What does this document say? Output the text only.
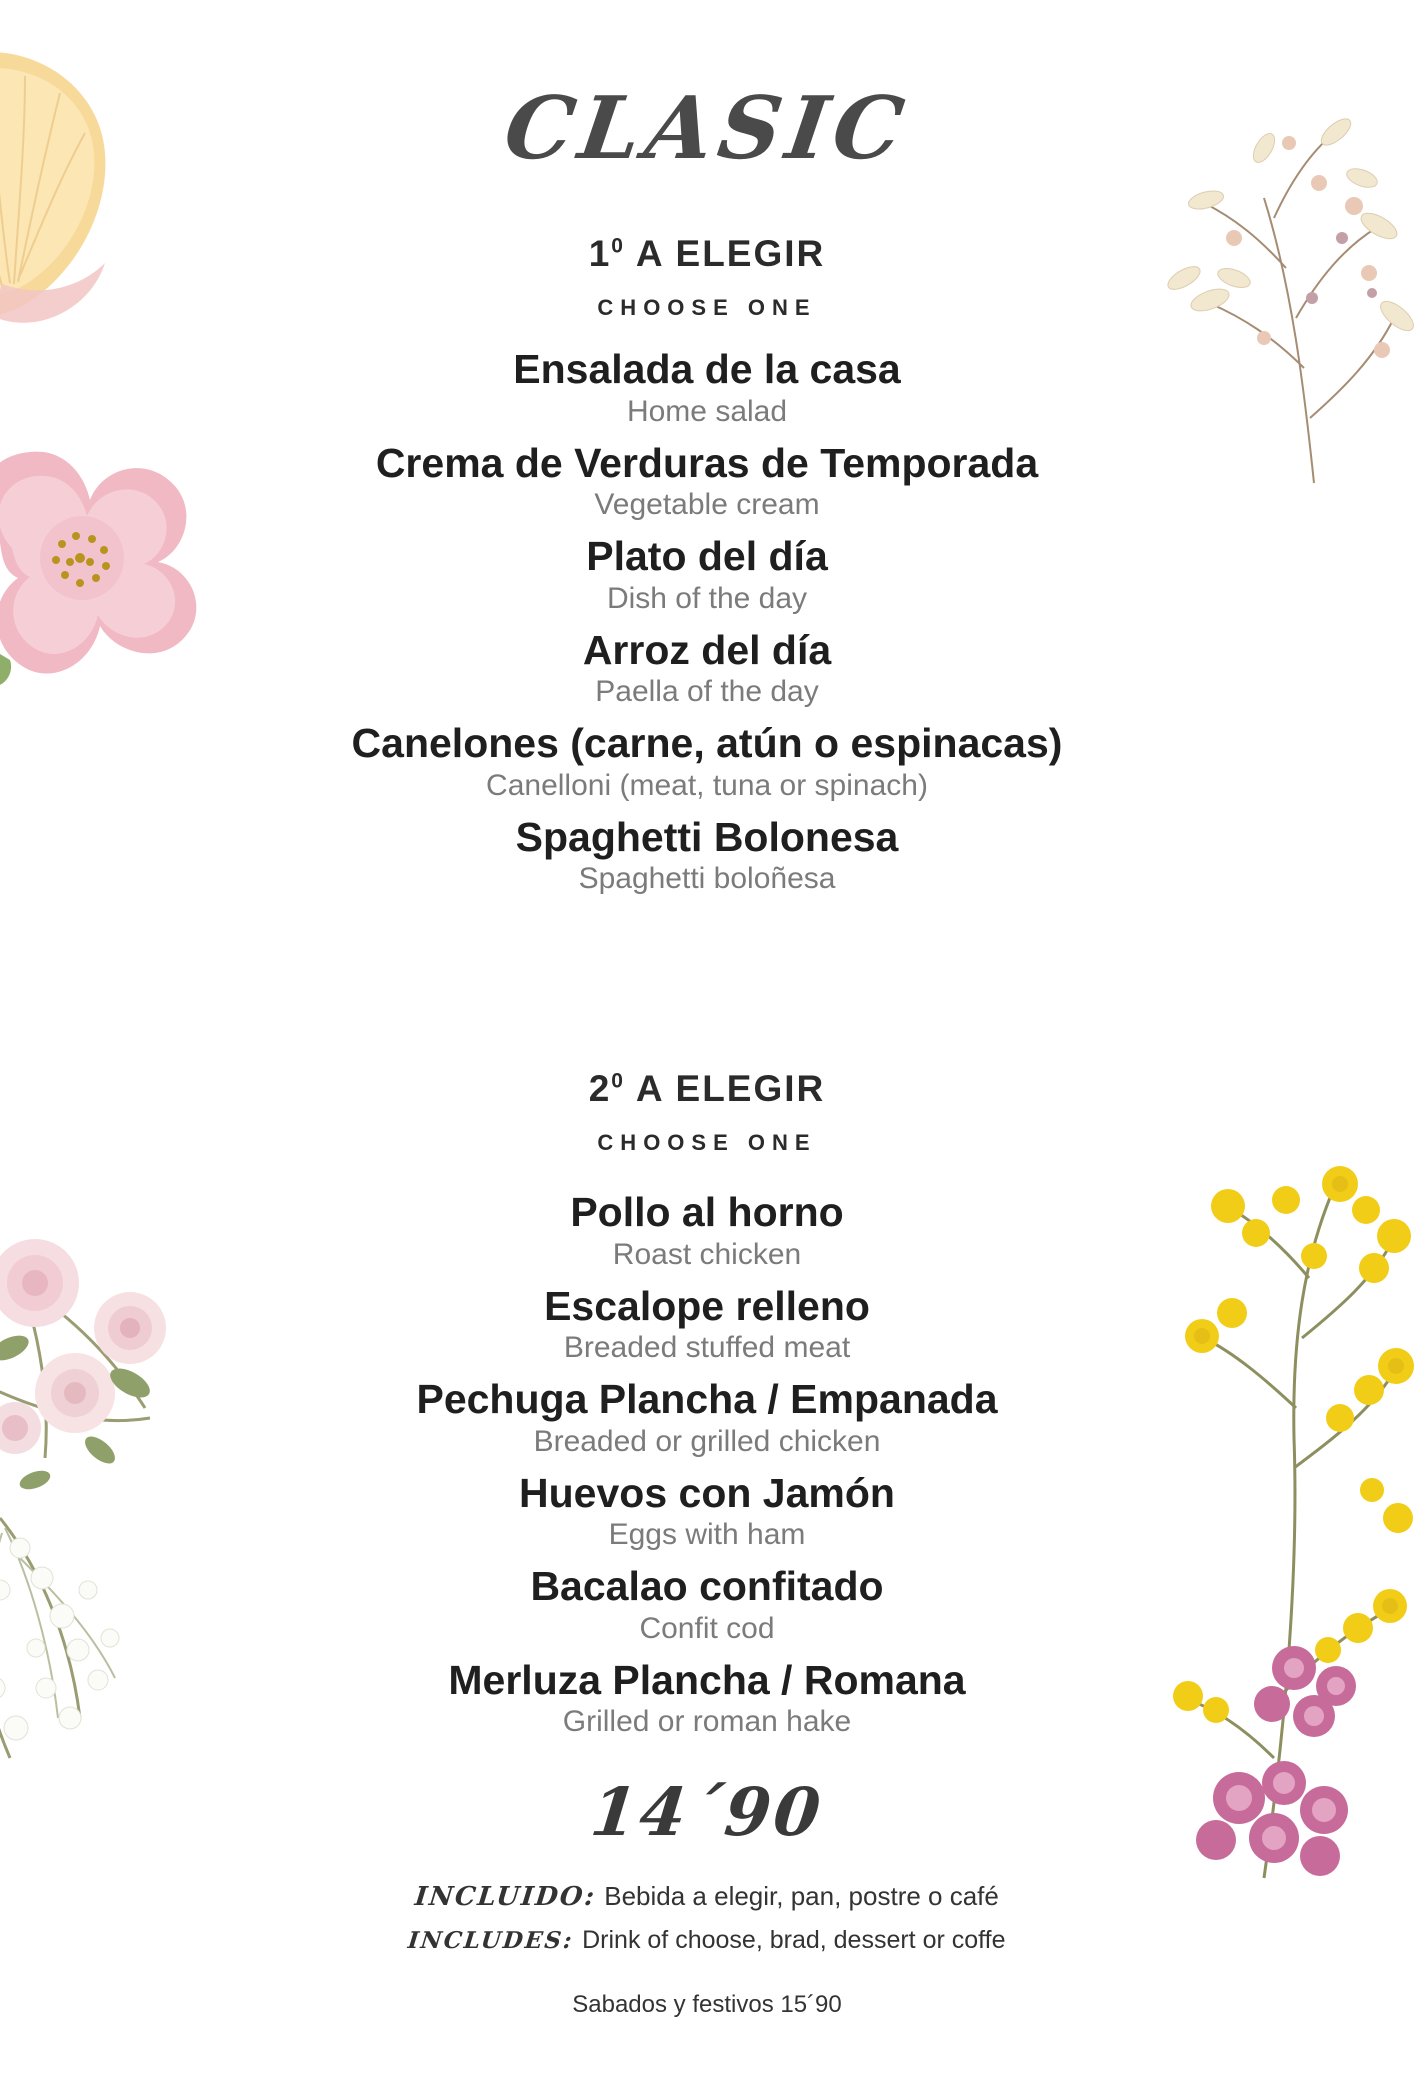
CLASIC
$1^0$ A ELEGIR
CHOOSE ONE
Ensalada de la casa
Home salad
Crema de Verduras de Temporada
Vegetable cream
Plato del día
Dish of the day
Arroz del día
Paella of the day
Canelones (carne, atún o espinacas)
Canelloni (meat, tuna or spinach)
Spaghetti Bolonesa
Spaghetti boloñesa
$2^0$ A ELEGIR
CHOOSE ONE
Pollo al horno
Roast chicken
Escalope relleno
Breaded stuffed meat
Pechuga Plancha / Empanada
Breaded or grilled chicken
Huevos con Jamón
Eggs with ham
Bacalao confitado
Confit cod
Merluza Plancha / Romana
Grilled or roman hake
14´90
INCLUIDO: Bebida a elegir, pan, postre o café
INCLUDES: Drink of choose, brad, dessert or coffe
Sabados y festivos 15´90
